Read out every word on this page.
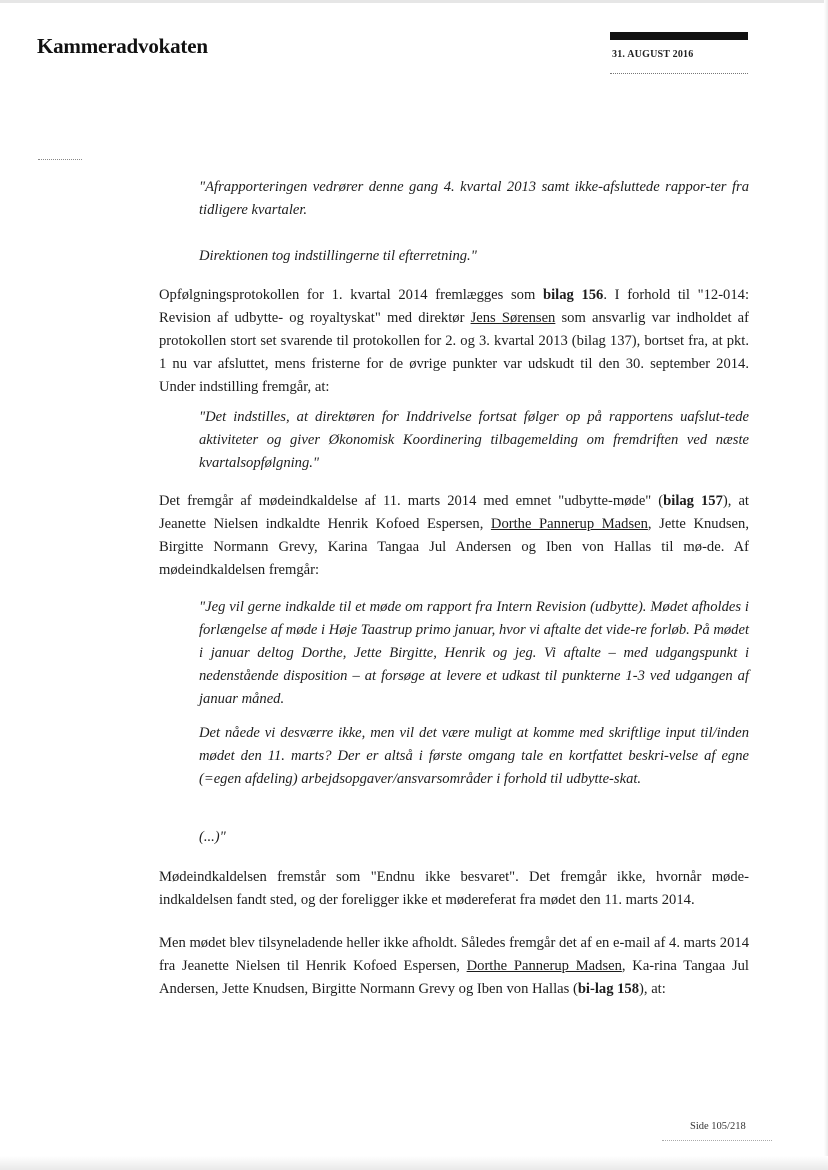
Kammeradvokaten	31. AUGUST 2016

"Afrapporteringen vedrører denne gang 4. kvartal 2013 samt ikke-afsluttede rappor-ter fra tidligere kvartaler.

Direktionen tog indstillingerne til efterretning."

Opfølgningsprotokollen for 1. kvartal 2014 fremlægges som bilag 156. I forhold til "12-014: Revision af udbytte- og royaltyskat" med direktør Jens Sørensen som ansvarlig var indholdet af protokollen stort set svarende til protokollen for 2. og 3. kvartal 2013 (bilag 137), bortset fra, at pkt. 1 nu var afsluttet, mens fristerne for de øvrige punkter var udskudt til den 30. september 2014. Under indstilling fremgår, at:

"Det indstilles, at direktøren for Inddrivelse fortsat følger op på rapportens uafslut-tede aktiviteter og giver Økonomisk Koordinering tilbagemelding om fremdriften ved næste kvartalsopfølgning."

Det fremgår af mødeindkaldelse af 11. marts 2014 med emnet "udbytte-møde" (bilag 157), at Jeanette Nielsen indkaldte Henrik Kofoed Espersen, Dorthe Pannerup Madsen, Jette Knudsen, Birgitte Normann Grevy, Karina Tangaa Jul Andersen og Iben von Hallas til mø-de. Af mødeindkaldelsen fremgår:

"Jeg vil gerne indkalde til et møde om rapport fra Intern Revision (udbytte). Mødet afholdes i forlængelse af møde i Høje Taastrup primo januar, hvor vi aftalte det vide-re forløb. På mødet i januar deltog Dorthe, Jette Birgitte, Henrik og jeg. Vi aftalte – med udgangspunkt i nedenstående disposition – at forsøge at levere et udkast til punkterne 1-3 ved udgangen af januar måned.

Det nåede vi desværre ikke, men vil det være muligt at komme med skriftlige input til/inden mødet den 11. marts? Der er altså i første omgang tale en kortfattet beskri-velse af egne (=egen afdeling) arbejdsopgaver/ansvarsområder i forhold til udbytte-skat.

(...)"

Mødeindkaldelsen fremstår som "Endnu ikke besvaret". Det fremgår ikke, hvornår møde-indkaldelsen fandt sted, og der foreligger ikke et mødereferat fra mødet den 11. marts 2014.

Men mødet blev tilsyneladende heller ikke afholdt. Således fremgår det af en e-mail af 4. marts 2014 fra Jeanette Nielsen til Henrik Kofoed Espersen, Dorthe Pannerup Madsen, Ka-rina Tangaa Jul Andersen, Jette Knudsen, Birgitte Normann Grevy og Iben von Hallas (bi-lag 158), at:

Side 105/218
